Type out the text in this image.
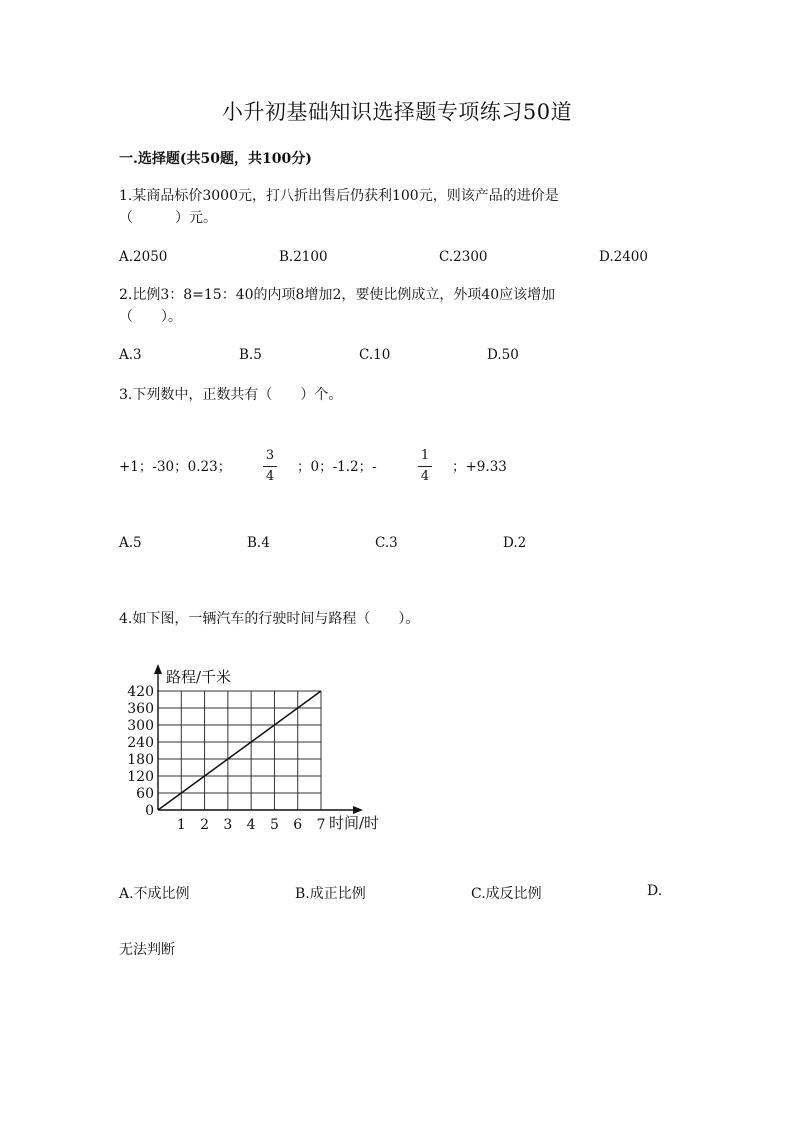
小升初基础知识选择题专项练习50道
一.选择题(共50题，共100分)
1.某商品标价3000元，打八折出售后仍获利100元，则该产品的进价是
（　　　）元。
A.2050	B.2100	C.2300	D.2400
2.比例3：8=15：40的内项8增加2，要使比例成立，外项40应该增加
（　　）。
A.3	B.5	C.10	D.50
3.下列数中，正数共有（　　）个。
+1；-30；0.23；
3
4
；0；-1.2；-
1
4
；+9.33
A.5	B.4	C.3	D.2
4.如下图，一辆汽车的行驶时间与路程（　　）。
0
60
120
180
240
300
360
420
1 2 3 4 5 6 7
路程/千米
时间/时
A.不成比例	B.成正比例	C.成反比例	D.
无法判断
